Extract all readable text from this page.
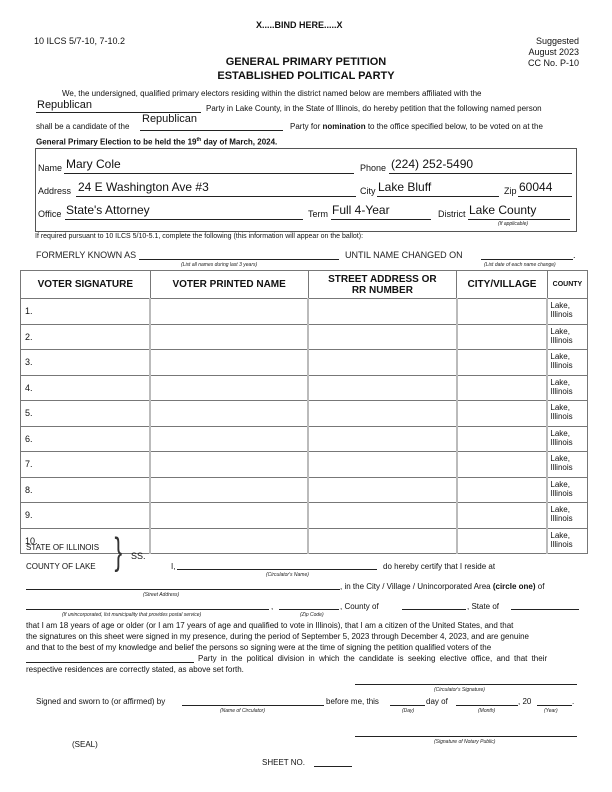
X.....BIND HERE.....X
10 ILCS 5/7-10, 7-10.2	Suggested
August 2023
CC No. P-10
GENERAL PRIMARY PETITION
ESTABLISHED POLITICAL PARTY
We, the undersigned, qualified primary electors residing within the district named below are members affiliated with the
Republican	Party in Lake County, in the State of Illinois, do hereby petition that the following named person
shall be a candidate of the
Republican
Party for nomination to the office specified below, to be voted on at the
General Primary Election to be held the 19th day of March, 2024.
Name Mary Cole	Phone (224) 252-5490
Address 24 E Washington Ave #3	City Lake Bluff	Zip 60044
Office State's Attorney	Term Full 4-Year	District Lake County
(If applicable)
If required pursuant to 10 ILCS 5/10-5.1, complete the following (this information will appear on the ballot):
FORMERLY KNOWN AS
(List all names during last 3 years)
UNTIL NAME CHANGED ON	.
(List date of each name change)
VOTER SIGNATURE	VOTER PRINTED NAME	STREET ADDRESS OR
RR NUMBER	CITY/VILLAGE	COUNTY
1.				Lake,
Illinois
2.				Lake,
Illinois
3.				Lake,
Illinois
4.				Lake,
Illinois
5.				Lake,
Illinois
6.				Lake,
Illinois
7.				Lake,
Illinois
8.				Lake,
Illinois
9.				Lake,
Illinois
10.				Lake,
Illinois
STATE OF ILLINOIS
COUNTY OF LAKE } SS.
I,
(Circulator's Name)
do hereby certify that I reside at
(Street Address)
, in the City / Village / Unincorporated Area (circle one) of
,
(If unincorporated, list municipality that provides postal service)	(Zip Code)
, County of	, State of
that I am 18 years of age or older (or I am 17 years of age and qualified to vote in Illinois), that I am a citizen of the United States, and that
the signatures on this sheet were signed in my presence, during the period of September 5, 2023 through December 4, 2023, and are genuine
and that to the best of my knowledge and belief the persons so signing were at the time of signing the petition qualified voters of the
Party in the political division in which the candidate is seeking elective office, and that their
respective residences are correctly stated, as above set forth.
(Circulator's Signature)
Signed and sworn to (or affirmed) by
(Name of Circulator)
before me, this
(Day)
day of
(Month)
, 20	.
(Year)
(Signature of Notary Public)
(SEAL)
SHEET NO.
